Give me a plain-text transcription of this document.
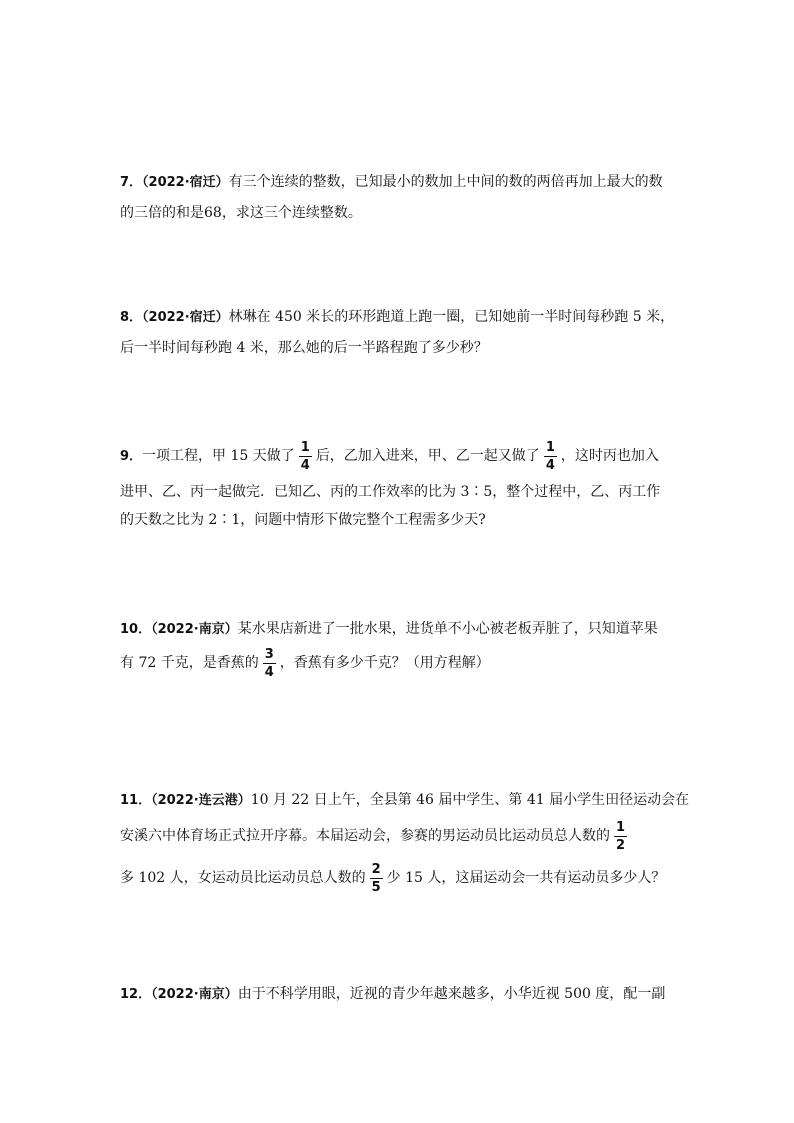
7．（2022·宿迁）有三个连续的整数，已知最小的数加上中间的数的两倍再加上最大的数
的三倍的和是68，求这三个连续整数。
8．（2022·宿迁）林琳在 450 米长的环形跑道上跑一圈，已知她前一半时间每秒跑 5 米，
后一半时间每秒跑 4 米，那么她的后一半路程跑了多少秒？
9．一项工程，甲 15 天做了 $\frac{1}{4}$ 后，乙加入进来，甲、乙一起又做了 $\frac{1}{4}$ ，这时丙也加入
进甲、乙、丙一起做完．已知乙、丙的工作效率的比为 3∶5，整个过程中，乙、丙工作
的天数之比为 2∶1，问题中情形下做完整个工程需多少天?
10．（2022·南京）某水果店新进了一批水果，进货单不小心被老板弄脏了，只知道苹果
有 72 千克，是香蕉的 $\frac{3}{4}$ ，香蕉有多少千克？（用方程解）
11．（2022·连云港）10 月 22 日上午，全县第 46 届中学生、第 41 届小学生田径运动会在
安溪六中体育场正式拉开序幕。本届运动会，参赛的男运动员比运动员总人数的 $\frac{1}{2}$
多 102 人，女运动员比运动员总人数的 $\frac{2}{5}$ 少 15 人，这届运动会一共有运动员多少人？
12．（2022·南京）由于不科学用眼，近视的青少年越来越多，小华近视 500 度，配一副
